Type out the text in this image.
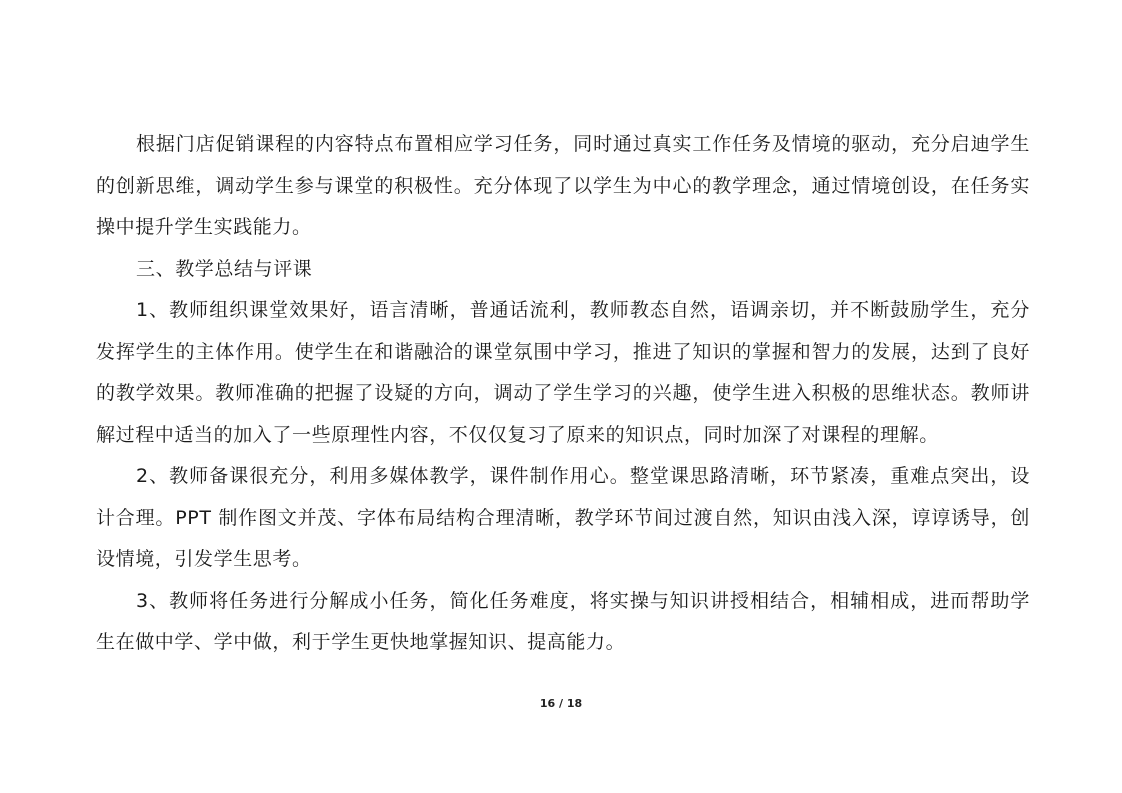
根据门店促销课程的内容特点布置相应学习任务，同时通过真实工作任务及情境的驱动，充分启迪学生的创新思维，调动学生参与课堂的积极性。充分体现了以学生为中心的教学理念，通过情境创设，在任务实操中提升学生实践能力。

三、教学总结与评课

1、教师组织课堂效果好，语言清晰，普通话流利，教师教态自然，语调亲切，并不断鼓励学生，充分发挥学生的主体作用。使学生在和谐融洽的课堂氛围中学习，推进了知识的掌握和智力的发展，达到了良好的教学效果。教师准确的把握了设疑的方向，调动了学生学习的兴趣，使学生进入积极的思维状态。教师讲解过程中适当的加入了一些原理性内容，不仅仅复习了原来的知识点，同时加深了对课程的理解。

2、教师备课很充分，利用多媒体教学，课件制作用心。整堂课思路清晰，环节紧凑，重难点突出，设计合理。PPT 制作图文并茂、字体布局结构合理清晰，教学环节间过渡自然，知识由浅入深，谆谆诱导，创设情境，引发学生思考。

3、教师将任务进行分解成小任务，简化任务难度，将实操与知识讲授相结合，相辅相成，进而帮助学生在做中学、学中做，利于学生更快地掌握知识、提高能力。

16 / 18
